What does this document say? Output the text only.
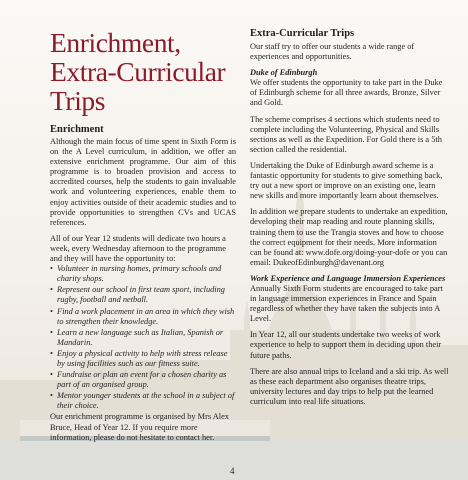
Enrichment, Extra-Curricular Trips
Enrichment

Although the main focus of time spent in Sixth Form is on the A Level curriculum, in addition, we offer an extensive enrichment programme. Our aim of this programme is to broaden provision and access to accredited courses, help the students to gain invaluable work and volunteering experiences, enable them to enjoy activities outside of their academic studies and to provide opportunities to strengthen CVs and UCAS references.

All of our Year 12 students will dedicate two hours a week, every Wednesday afternoon to the programme and they will have the opportunity to:

• Volunteer in nursing homes, primary schools and charity shops.
• Represent our school in first team sport, including rugby, football and netball.
• Find a work placement in an area in which they wish to strengthen their knowledge.
• Learn a new language such as Italian, Spanish or Mandarin.
• Enjoy a physical activity to help with stress release by using facilities such as our fitness suite.
• Fundraise or plan an event for a chosen charity as part of an organised group.
• Mentor younger students at the school in a subject of their choice.

Our enrichment programme is organised by Mrs Alex Bruce, Head of Year 12. If you require more information, please do not hesitate to contact her.

Extra-Curricular Trips

Our staff try to offer our students a wide range of experiences and opportunities.

Duke of Edinburgh

We offer students the opportunity to take part in the Duke of Edinburgh scheme for all three awards, Bronze, Silver and Gold.

The scheme comprises 4 sections which students need to complete including the Volunteering, Physical and Skills sections as well as the Expedition. For Gold there is a 5th section called the residential.

Undertaking the Duke of Edinburgh award scheme is a fantastic opportunity for students to give something back, try out a new sport or improve on an existing one, learn new skills and more importantly learn about themselves.

In addition we prepare students to undertake an expedition, developing their map reading and route planning skills, training them to use the Trangia stoves and how to choose the correct equipment for their needs. More information can be found at: www.dofe.org/doing-your-dofe or you can email: DukeofEdinburgh@davenant.org

Work Experience and Language Immersion Experiences

Annually Sixth Form students are encouraged to take part in language immersion experiences in France and Spain regardless of whether they have taken the subjects into A Level.

In Year 12, all our students undertake two weeks of work experience to help to support them in deciding upon their future paths.

There are also annual trips to Iceland and a ski trip. As well as these each department also organises theatre trips, university lectures and day trips to help put the learned curriculum into real life situations.

4
